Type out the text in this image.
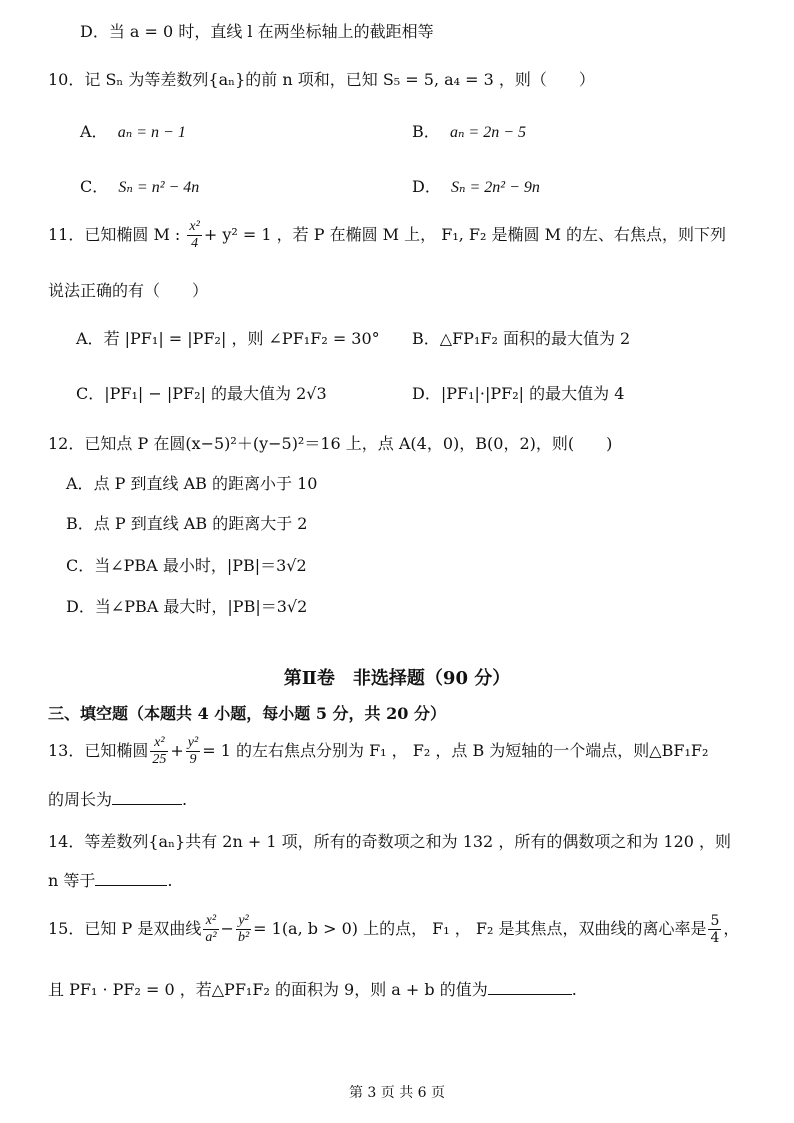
D．当 a = 0 时，直线 l 在两坐标轴上的截距相等
10．记 Sₙ 为等差数列{aₙ}的前 n 项和，已知 S₅ = 5, a₄ = 3 ，则（　　）
A． aₙ = n − 1	B． aₙ = 2n − 5
C． Sₙ = n² − 4n	D． Sₙ = 2n² − 9n
11．已知椭圆 M : $\frac{\text{x²}}{4} + y^2 = 1$ ，若 P 在椭圆 M 上， F₁, F₂ 是椭圆 M 的左、右焦点，则下列
说法正确的有（　　）
A．若 |PF₁| = |PF₂| ，则 ∠PF₁F₂ = 30° B．△FP₁F₂ 面积的最大值为 2
C．|PF₁| − |PF₂| 的最大值为 2√3	D．|PF₁|·|PF₂| 的最大值为 4
12．已知点 P 在圆(x−5)²＋(y−5)²＝16 上，点 A(4，0)，B(0，2)，则(　　)
A．点 P 到直线 AB 的距离小于 10
B．点 P 到直线 AB 的距离大于 2
C．当∠PBA 最小时，|PB|＝3√2
D．当∠PBA 最大时，|PB|＝3√2
第Ⅱ卷　非选择题（90 分）
三、填空题（本题共 4 小题，每小题 5 分，共 20 分）
13．已知椭圆 $\frac{\text{x²}}{25} + \frac{\text{y²}}{9} = 1$ 的左右焦点分别为 F₁ ， F₂ ，点 B 为短轴的一个端点，则△BF₁F₂
的周长为	.
14．等差数列{aₙ}共有 2n + 1 项，所有的奇数项之和为 132 ，所有的偶数项之和为 120 ，则
n 等于	.
15．已知 P 是双曲线 $\frac{\text{x²}}{\text{a²}} - \frac{\text{y²}}{\text{b²}} = 1(a$, b > 0) 上的点， F₁ ， F₂ 是其焦点，双曲线的离心率是 $\frac{5}{4}$ ，
且 PF₁ · PF₂ = 0 ，若△PF₁F₂ 的面积为 9，则 a + b 的值为	.
第 3 页 共 6 页
